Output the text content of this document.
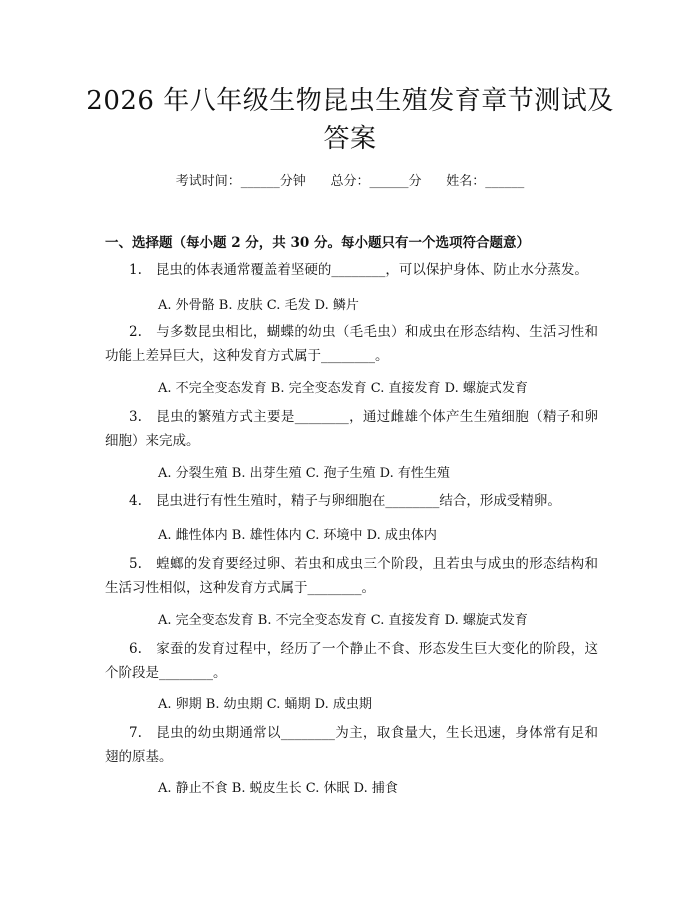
2026 年八年级生物昆虫生殖发育章节测试及
答案
考试时间：______分钟      总分：______分      姓名：______
一、选择题（每小题 2 分，共 30 分。每小题只有一个选项符合题意）
1. 昆虫的体表通常覆盖着坚硬的________，可以保护身体、防止水分蒸发。
A. 外骨骼 B. 皮肤 C. 毛发 D. 鳞片
2. 与多数昆虫相比，蝴蝶的幼虫（毛毛虫）和成虫在形态结构、生活习性和功能上差异巨大，这种发育方式属于________。
A. 不完全变态发育 B. 完全变态发育 C. 直接发育 D. 螺旋式发育
3. 昆虫的繁殖方式主要是________，通过雌雄个体产生生殖细胞（精子和卵细胞）来完成。
A. 分裂生殖 B. 出芽生殖 C. 孢子生殖 D. 有性生殖
4. 昆虫进行有性生殖时，精子与卵细胞在________结合，形成受精卵。
A. 雌性体内 B. 雄性体内 C. 环境中 D. 成虫体内
5. 蝗螂的发育要经过卵、若虫和成虫三个阶段，且若虫与成虫的形态结构和生活习性相似，这种发育方式属于________。
A. 完全变态发育 B. 不完全变态发育 C. 直接发育 D. 螺旋式发育
6. 家蚕的发育过程中，经历了一个静止不食、形态发生巨大变化的阶段，这个阶段是________。
A. 卵期 B. 幼虫期 C. 蛹期 D. 成虫期
7. 昆虫的幼虫期通常以________为主，取食量大，生长迅速，身体常有足和翅的原基。
A. 静止不食 B. 蜕皮生长 C. 休眠 D. 捕食
